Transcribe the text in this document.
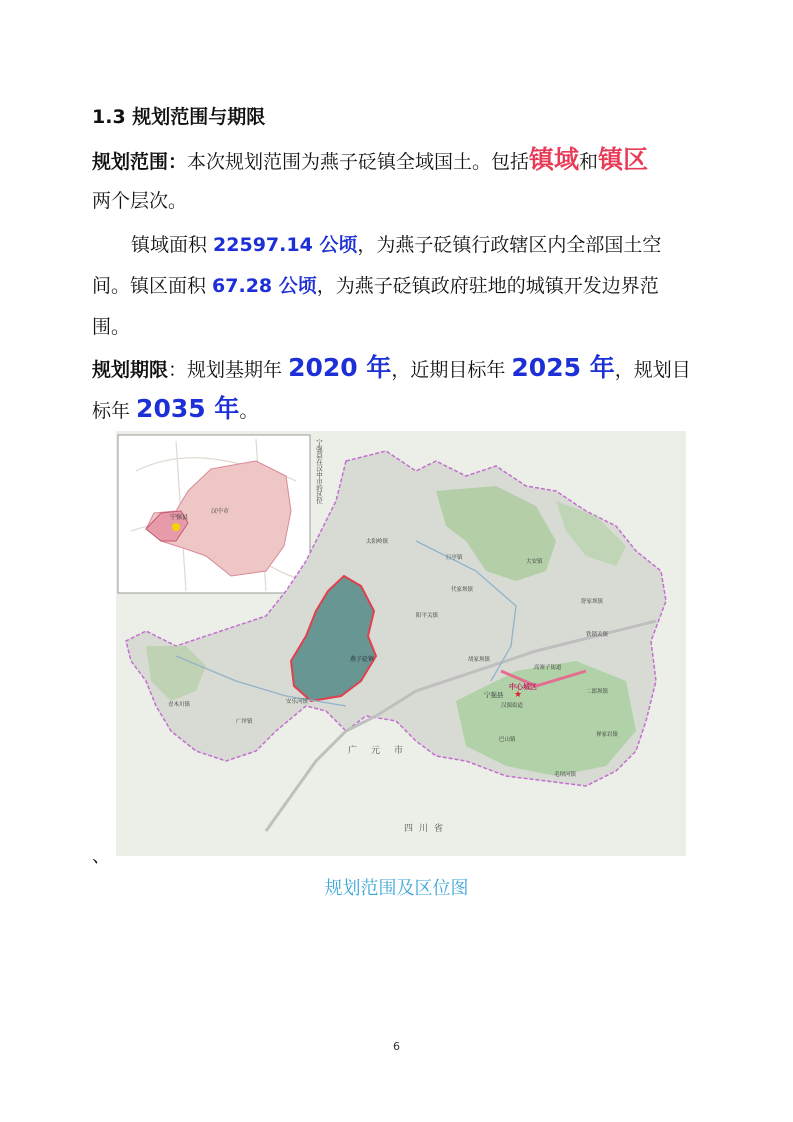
1.3 规划范围与期限
规划范围：本次规划范围为燕子砭镇全域国土。包括镇域和镇区
两个层次。
镇域面积 22597.14 公顷，为燕子砭镇行政辖区内全部国土空
间。镇区面积 67.28 公顷，为燕子砭镇政府驻地的城镇开发边界范
围。
规划期限：规划基期年 2020 年，近期目标年 2025 年，规划目
标年 2035 年。
宁强县
汉中市
宁强县在汉中市的区位
燕子砭镇
中心城区
宁强县 ★
广元市
四川省
太阳岭镇
巨亭镇
大安镇
代家坝镇
舒家坝镇
阳平关镇
青木川镇
广坪镇
安乐河镇
铁锁关镇
胡家坝镇
高寨子街道
二郎坝镇
巴山镇
禅家岩镇
毛坝河镇
汉源街道
、
规划范围及区位图
6
